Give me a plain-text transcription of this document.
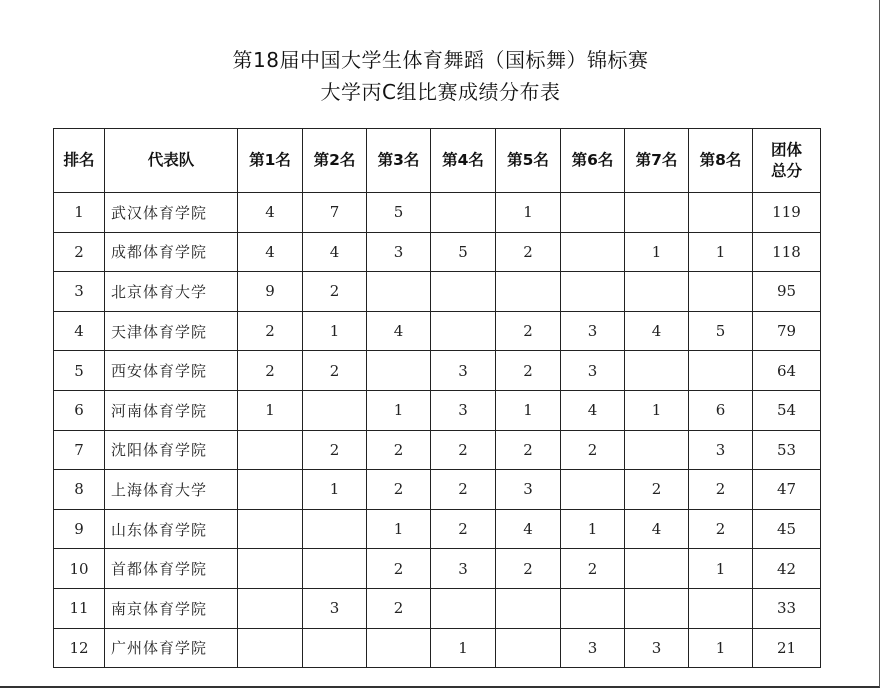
第18届中国大学生体育舞蹈（国标舞）锦标赛
大学丙C组比赛成绩分布表
排名	代表队	第1名	第2名	第3名	第4名	第5名	第6名	第7名	第8名	团体
总分

1	武汉体育学院	4	7	5		1				119
2	成都体育学院	4	4	3	5	2		1	1	118
3	北京体育大学	9	2							95
4	天津体育学院	2	1	4		2	3	4	5	79
5	西安体育学院	2	2		3	2	3			64
6	河南体育学院	1		1	3	1	4	1	6	54
7	沈阳体育学院		2	2	2	2	2		3	53
8	上海体育大学		1	2	2	3		2	2	47
9	山东体育学院			1	2	4	1	4	2	45
10	首都体育学院			2	3	2	2		1	42
11	南京体育学院		3	2						33
12	广州体育学院				1		3	3	1	21
